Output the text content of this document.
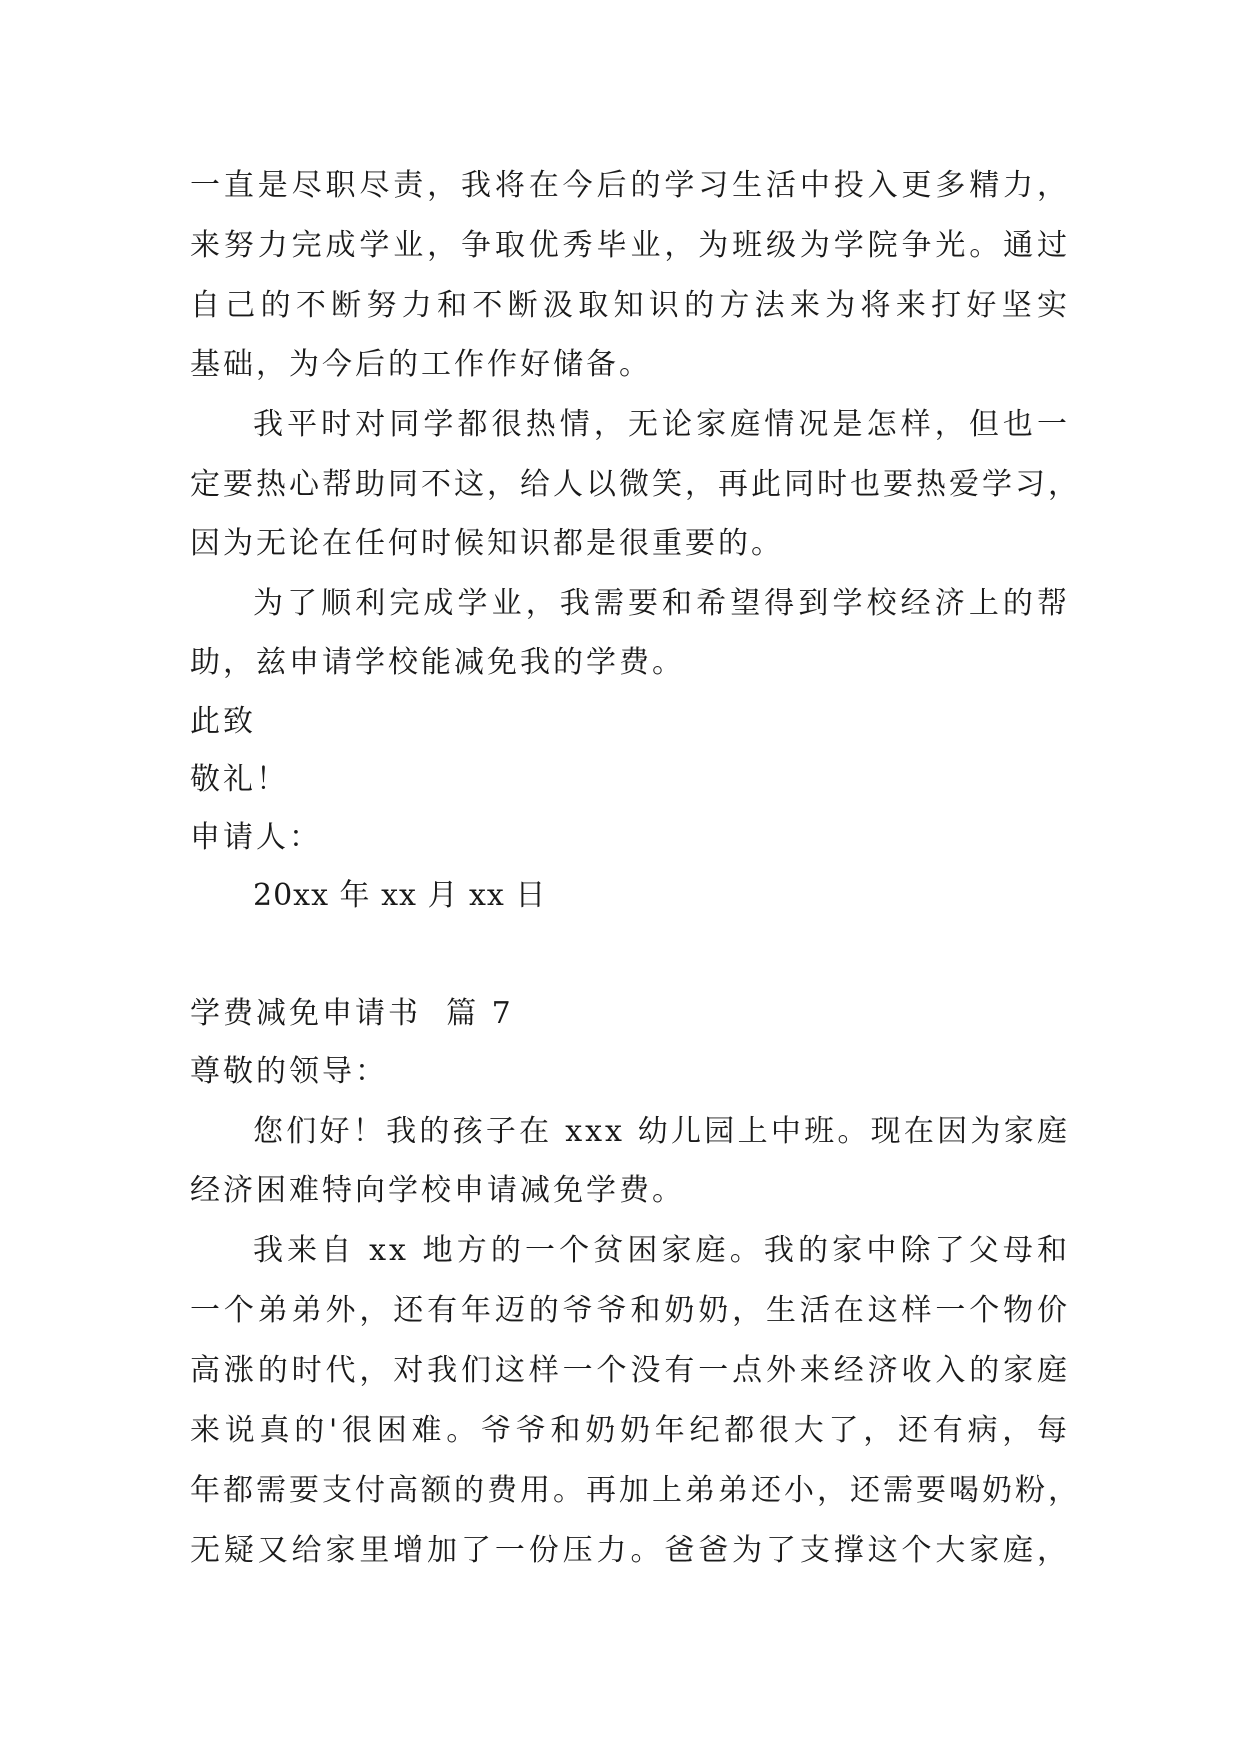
一直是尽职尽责，我将在今后的学习生活中投入更多精力，
来努力完成学业，争取优秀毕业，为班级为学院争光。通过
自己的不断努力和不断汲取知识的方法来为将来打好坚实
基础，为今后的工作作好储备。
我平时对同学都很热情，无论家庭情况是怎样，但也一
定要热心帮助同不这，给人以微笑，再此同时也要热爱学习，
因为无论在任何时候知识都是很重要的。
为了顺利完成学业，我需要和希望得到学校经济上的帮
助，兹申请学校能减免我的学费。
此致
敬礼！
申请人：
20xx 年 xx 月 xx 日
学费减免申请书  篇 7
尊敬的领导：
您们好！我的孩子在 xxx 幼儿园上中班。现在因为家庭
经济困难特向学校申请减免学费。
我来自 xx 地方的一个贫困家庭。我的家中除了父母和
一个弟弟外，还有年迈的爷爷和奶奶，生活在这样一个物价
高涨的时代，对我们这样一个没有一点外来经济收入的家庭
来说真的'很困难。爷爷和奶奶年纪都很大了，还有病，每
年都需要支付高额的费用。再加上弟弟还小，还需要喝奶粉，
无疑又给家里增加了一份压力。爸爸为了支撑这个大家庭，
